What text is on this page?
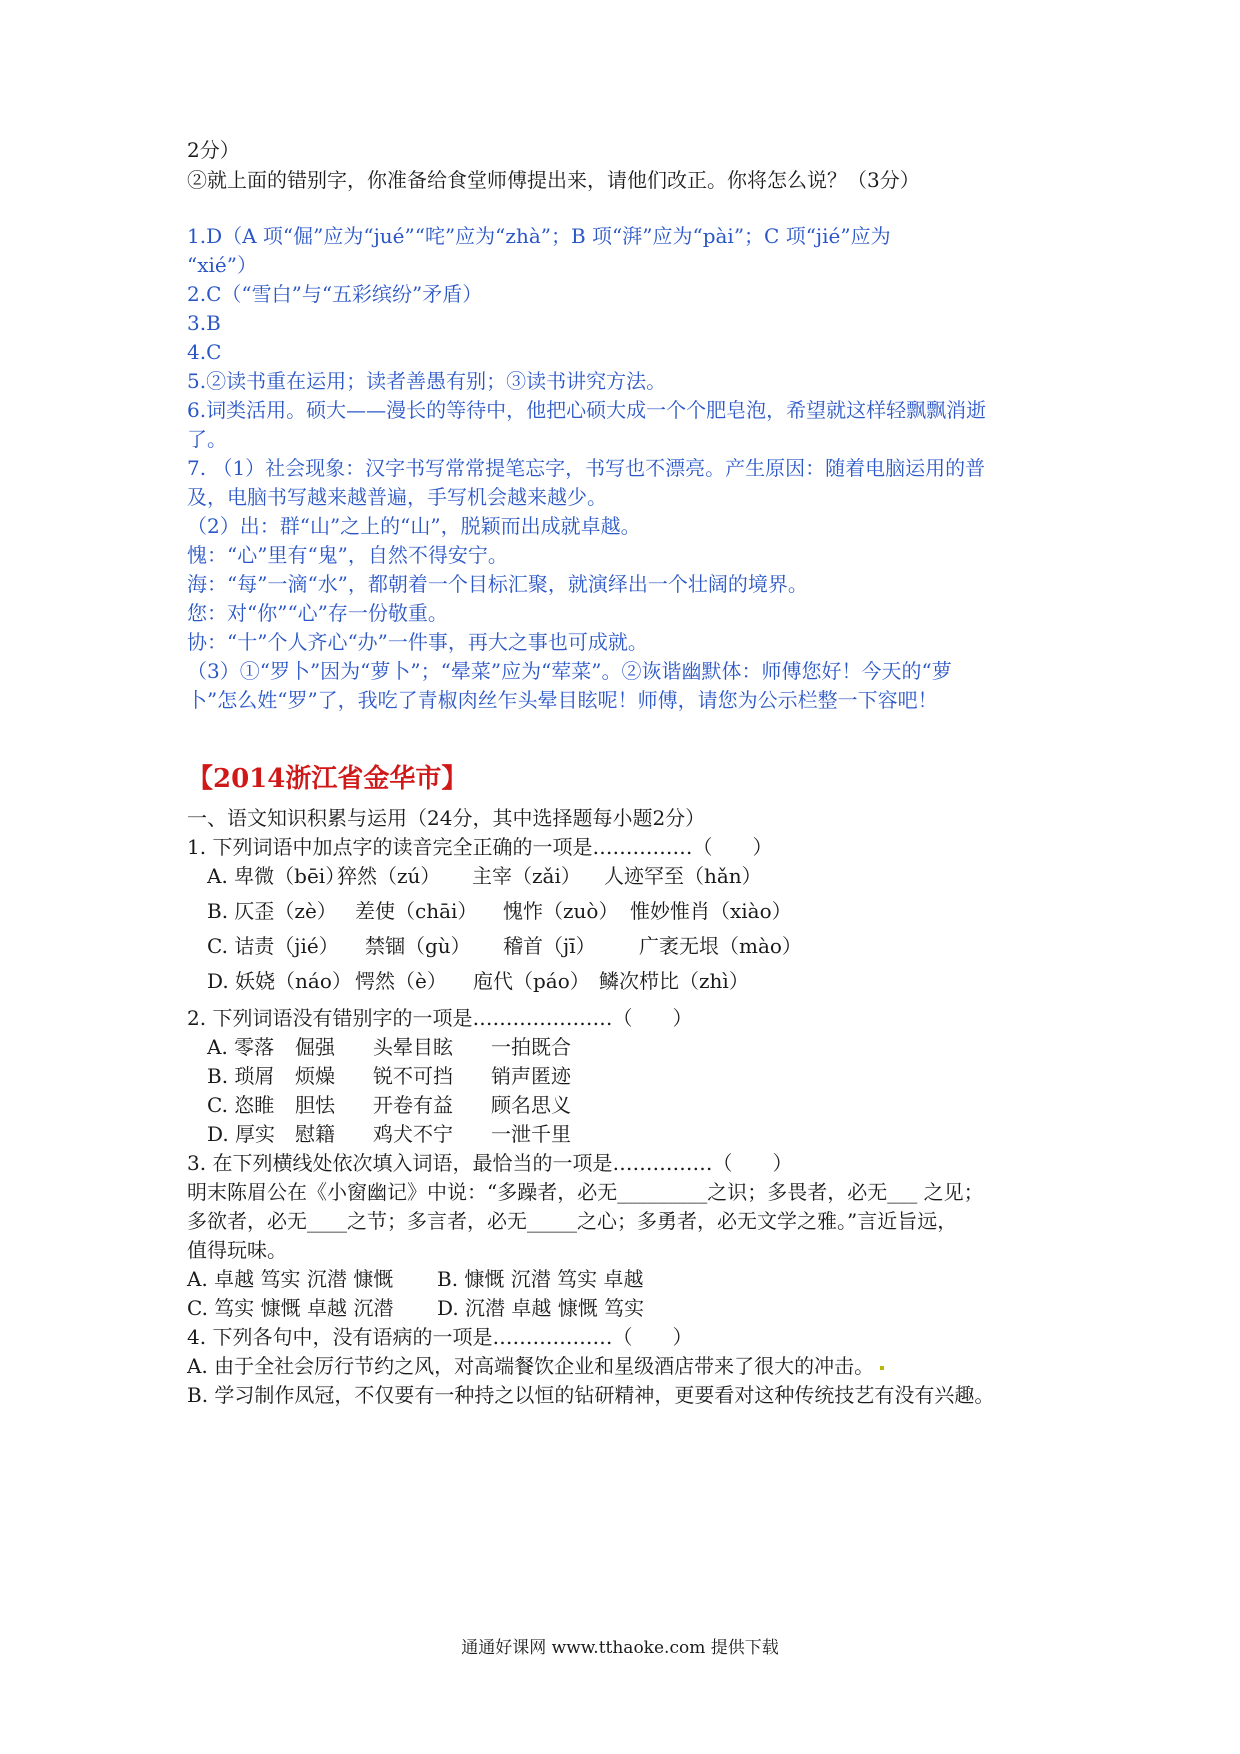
2分）
②就上面的错别字，你准备给食堂师傅提出来，请他们改正。你将怎么说？（3分）
1.D（A 项“倔”应为“jué”“咤”应为“zhà”；B 项“湃”应为“pài”；C 项“jié”应为
“xié”）
2.C（“雪白”与“五彩缤纷”矛盾）
3.B
4.C
5.②读书重在运用；读者善愚有别；③读书讲究方法。
6.词类活用。硕大——漫长的等待中，他把心硕大成一个个肥皂泡，希望就这样轻飘飘消逝
了。
7. （1）社会现象：汉字书写常常提笔忘字，书写也不漂亮。产生原因：随着电脑运用的普
及，电脑书写越来越普遍，手写机会越来越少。
（2）出：群“山”之上的“山”，脱颖而出成就卓越。
愧：“心”里有“鬼”，自然不得安宁。
海：“每”一滴“水”，都朝着一个目标汇聚，就演绎出一个壮阔的境界。
您：对“你”“心”存一份敬重。
协：“十”个人齐心“办”一件事，再大之事也可成就。
（3）①“罗卜”因为“萝卜”；“晕菜”应为“荤菜”。②诙谐幽默体：师傅您好！今天的“萝
卜”怎么姓“罗”了，我吃了青椒肉丝乍头晕目眩呢！师傅，请您为公示栏整一下容吧！
【2014浙江省金华市】
一、语文知识积累与运用（24分，其中选择题每小题2分）
1. 下列词语中加点字的读音完全正确的一项是……………（　　）
A. 卑微（bēi）
猝然（zú） 主宰（zǎi） 人迹罕至（hǎn）
B. 仄歪（zè） 差使（chāi） 愧怍（zuò） 惟妙惟肖（xiào）
C. 诘责（jié） 禁锢（gù） 稽首（jī） 广袤无垠（mào）
D. 妖娆（náo） 愕然（è） 庖代（páo） 鳞次栉比（zhì）
2. 下列词语没有错别字的一项是…………………（　　）
A. 零落 倔强 头晕目眩 一拍既合
B. 琐屑 烦燥 锐不可挡 销声匿迹
C. 恣睢 胆怯 开卷有益 顾名思义
D. 厚实 慰籍 鸡犬不宁 一泄千里
3. 在下列横线处依次填入词语，最恰当的一项是……………（　　）
明末陈眉公在《小窗幽记》中说：“多躁者，必无_________之识；多畏者，必无___ 之见；
多欲者，必无____之节；多言者，必无_____之心；多勇者，必无文学之雅。”言近旨远，
值得玩味。
A. 卓越 笃实 沉潜 慷慨 B. 慷慨 沉潜 笃实 卓越
C. 笃实 慷慨 卓越 沉潜 D. 沉潜 卓越 慷慨 笃实
4. 下列各句中，没有语病的一项是………………（　　）
A. 由于全社会厉行节约之风，对高端餐饮企业和星级酒店带来了很大的冲击。
B. 学习制作凤冠，不仅要有一种持之以恒的钻研精神，更要看对这种传统技艺有没有兴趣。
通通好课网 www.tthaoke.com 提供下载
